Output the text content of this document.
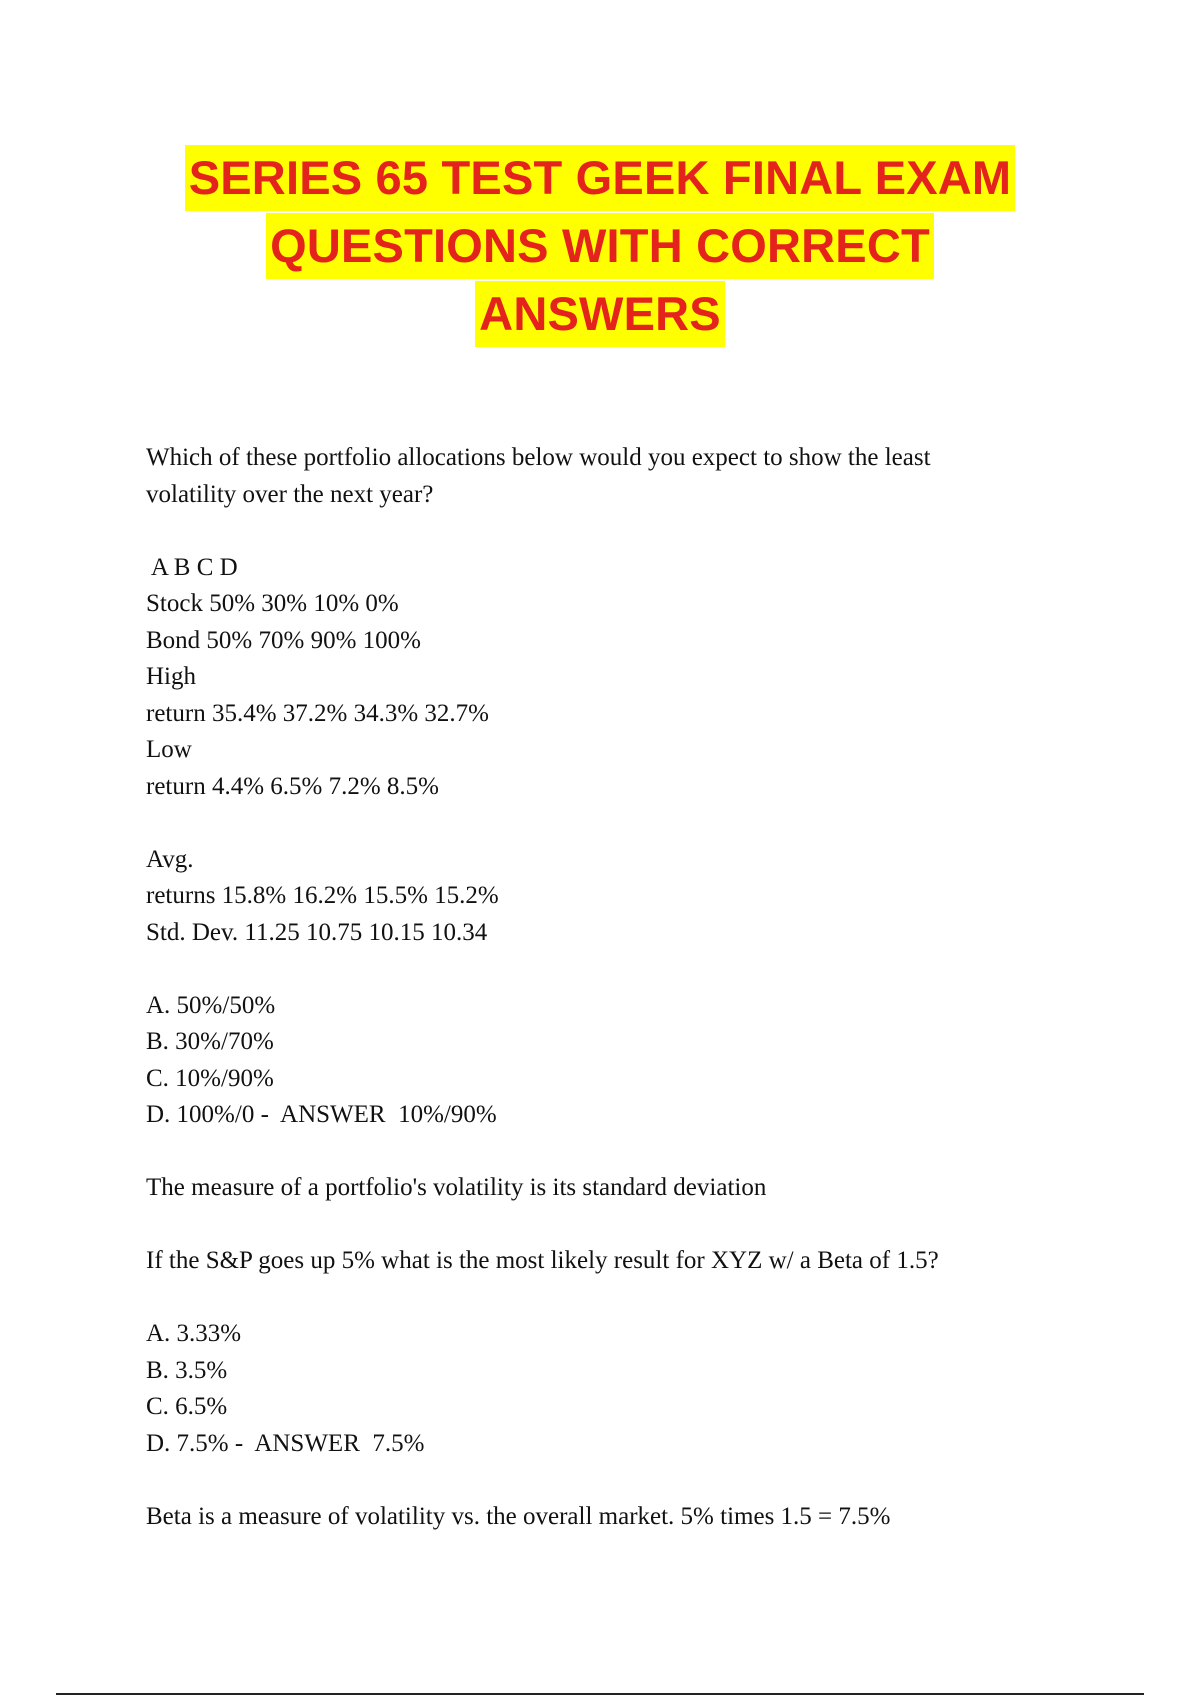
SERIES 65 TEST GEEK FINAL EXAM
QUESTIONS WITH CORRECT
ANSWERS
Which of these portfolio allocations below would you expect to show the least
volatility over the next year?
A B C D
Stock 50% 30% 10% 0%
Bond 50% 70% 90% 100%
High
return 35.4% 37.2% 34.3% 32.7%
Low
return 4.4% 6.5% 7.2% 8.5%
Avg.
returns 15.8% 16.2% 15.5% 15.2%
Std. Dev. 11.25 10.75 10.15 10.34
A. 50%/50%
B. 30%/70%
C. 10%/90%
D. 100%/0 -  ANSWER  10%/90%
The measure of a portfolio's volatility is its standard deviation
If the S&P goes up 5% what is the most likely result for XYZ w/ a Beta of 1.5?
A. 3.33%
B. 3.5%
C. 6.5%
D. 7.5% -  ANSWER  7.5%
Beta is a measure of volatility vs. the overall market. 5% times 1.5 = 7.5%
